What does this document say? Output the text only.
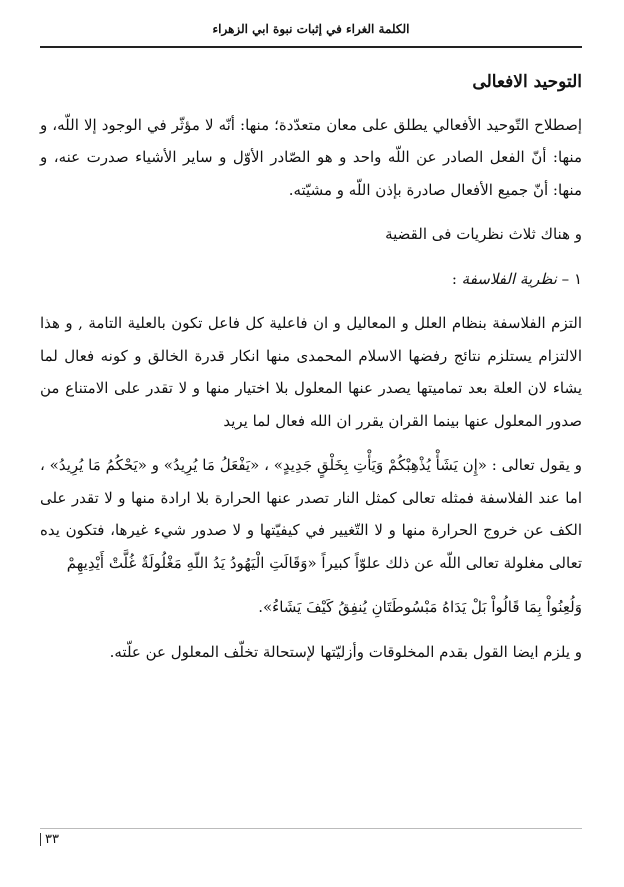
الكلمة الغراء في إثبات نبوة ابي الزهراء

التوحيد الافعالى

إصطلاح التّوحيد الأفعالي يطلق على معان متعدّدة؛ منها: أنّه لا مؤثّر في الوجود إلا اللّه، و منها: أنّ الفعل الصادر عن اللّه واحد و هو الصّادر الأوّل و ساير الأشياء صدرت عنه، و منها: أنّ جميع الأفعال صادرة بإذن اللّه و مشيّته.

و هناك ثلاث نظريات فى القضية

١ – نظرية الفلاسفة :

التزم الفلاسفة بنظام العلل و المعاليل و ان فاعلية كل فاعل تكون بالعلية التامة , و هذا الالتزام يستلزم نتائج رفضها الاسلام المحمدى منها انكار قدرة الخالق و كونه فعال لما يشاء لان العلة بعد تماميتها يصدر عنها المعلول بلا اختيار منها و لا تقدر على الامتناع من صدور المعلول عنها بينما القران يقرر ان الله فعال لما يريد

و يقول تعالى : «إِن يَشَأْ يُذْهِبْكُمْ وَيَأْتِ بِخَلْقٍ جَدِيدٍ» ، «يَفْعَلُ مَا يُرِيدُ» و «يَحْكُمُ مَا يُرِيدُ» ، اما عند الفلاسفة فمثله تعالى كمثل النار تصدر عنها الحرارة بلا ارادة منها و لا تقدر على الكف عن خروج الحرارة منها و لا التّغيير في كيفيّتها و لا صدور شيء غيرها، فتكون يده تعالى مغلولة تعالى اللّه عن ذلك علوّاً كبيراً «وَقَالَتِ الْيَهُودُ يَدُ اللّهِ مَغْلُولَةٌ غُلَّتْ أَيْدِيهِمْ

وَلُعِنُواْ بِمَا قَالُواْ بَلْ يَدَاهُ مَبْسُوطَتَانِ يُنفِقُ كَيْفَ يَشَاءُ».

و يلزم ايضا القول بقدم المخلوقات وأزليّتها لإستحالة تخلّف المعلول عن علّته.

٣٣
